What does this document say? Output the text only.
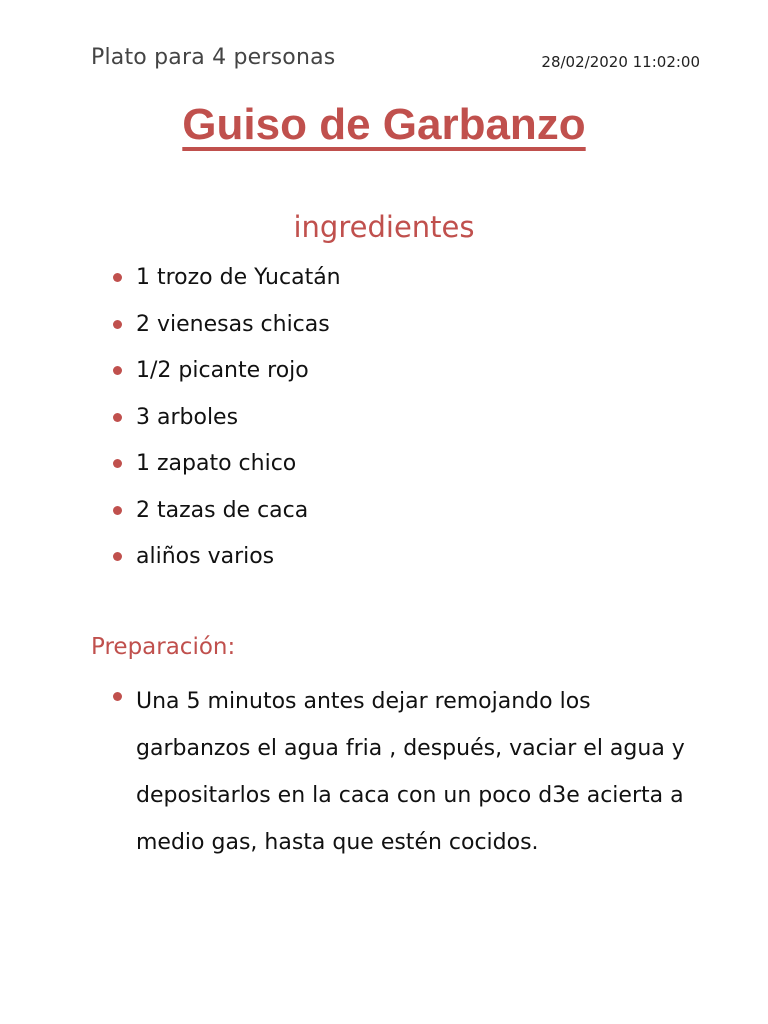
Plato para 4 personas	28/02/2020 11:02:00
Guiso de Garbanzo
ingredientes
1 trozo de Yucatán
2 vienesas chicas
1/2 picante rojo
3 arboles
1 zapato chico
2 tazas de caca
aliños varios
Preparación:
Una 5 minutos antes dejar remojando los garbanzos el agua fria , después, vaciar el agua y depositarlos en la caca con un poco d3e acierta a medio gas, hasta que estén cocidos.
